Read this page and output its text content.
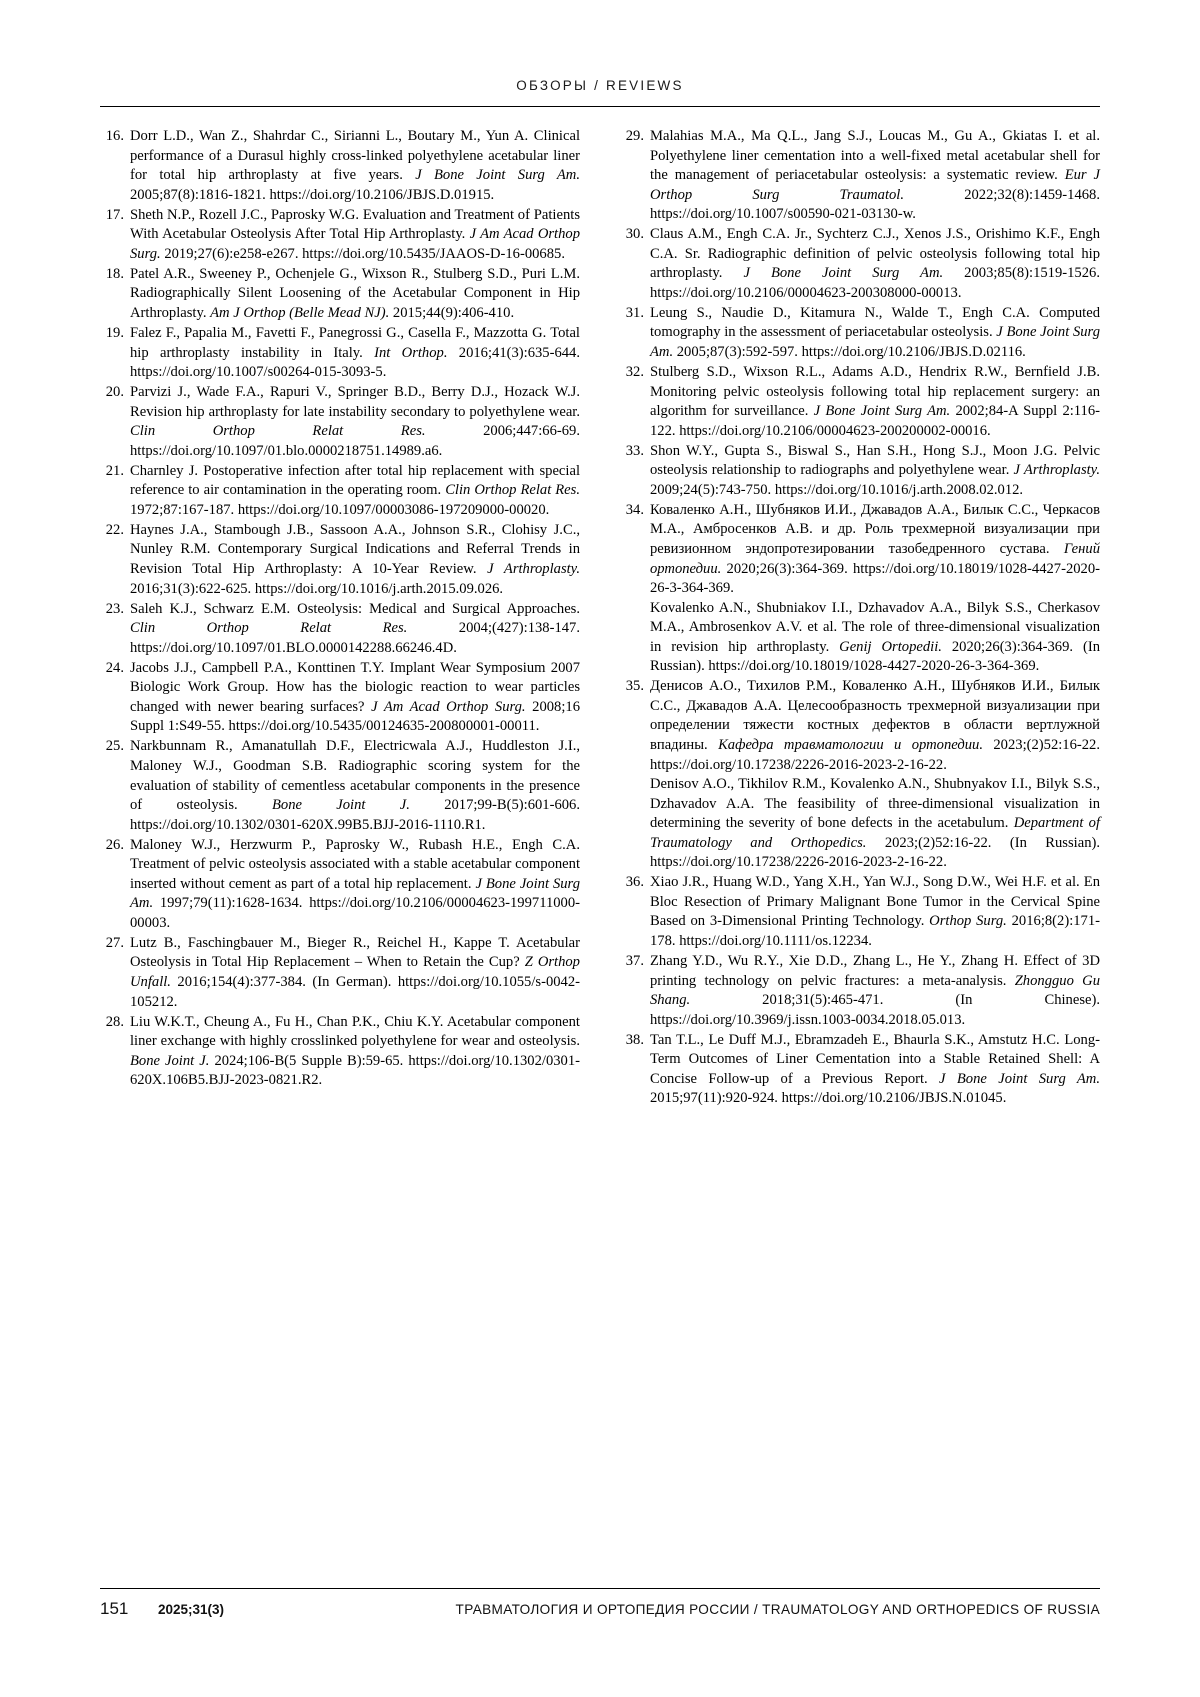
ОБЗОРЫ / REVIEWS
16. Dorr L.D., Wan Z., Shahrdar C., Sirianni L., Boutary M., Yun A. Clinical performance of a Durasul highly cross-linked polyethylene acetabular liner for total hip arthroplasty at five years. J Bone Joint Surg Am. 2005;87(8):1816-1821. https://doi.org/10.2106/JBJS.D.01915.
17. Sheth N.P., Rozell J.C., Paprosky W.G. Evaluation and Treatment of Patients With Acetabular Osteolysis After Total Hip Arthroplasty. J Am Acad Orthop Surg. 2019;27(6):e258-e267. https://doi.org/10.5435/JAAOS-D-16-00685.
18. Patel A.R., Sweeney P., Ochenjele G., Wixson R., Stulberg S.D., Puri L.M. Radiographically Silent Loosening of the Acetabular Component in Hip Arthroplasty. Am J Orthop (Belle Mead NJ). 2015;44(9):406-410.
19. Falez F., Papalia M., Favetti F., Panegrossi G., Casella F., Mazzotta G. Total hip arthroplasty instability in Italy. Int Orthop. 2016;41(3):635-644. https://doi.org/10.1007/s00264-015-3093-5.
20. Parvizi J., Wade F.A., Rapuri V., Springer B.D., Berry D.J., Hozack W.J. Revision hip arthroplasty for late instability secondary to polyethylene wear. Clin Orthop Relat Res. 2006;447:66-69. https://doi.org/10.1097/01.blo.0000218751.14989.a6.
21. Charnley J. Postoperative infection after total hip replacement with special reference to air contamination in the operating room. Clin Orthop Relat Res. 1972;87:167-187. https://doi.org/10.1097/00003086-197209000-00020.
22. Haynes J.A., Stambough J.B., Sassoon A.A., Johnson S.R., Clohisy J.C., Nunley R.M. Contemporary Surgical Indications and Referral Trends in Revision Total Hip Arthroplasty: A 10-Year Review. J Arthroplasty. 2016;31(3):622-625. https://doi.org/10.1016/j.arth.2015.09.026.
23. Saleh K.J., Schwarz E.M. Osteolysis: Medical and Surgical Approaches. Clin Orthop Relat Res. 2004;(427):138-147. https://doi.org/10.1097/01.BLO.0000142288.66246.4D.
24. Jacobs J.J., Campbell P.A., Konttinen T.Y. Implant Wear Symposium 2007 Biologic Work Group. How has the biologic reaction to wear particles changed with newer bearing surfaces? J Am Acad Orthop Surg. 2008;16 Suppl 1:S49-55. https://doi.org/10.5435/00124635-200800001-00011.
25. Narkbunnam R., Amanatullah D.F., Electricwala A.J., Huddleston J.I., Maloney W.J., Goodman S.B. Radiographic scoring system for the evaluation of stability of cementless acetabular components in the presence of osteolysis. Bone Joint J. 2017;99-B(5):601-606. https://doi.org/10.1302/0301-620X.99B5.BJJ-2016-1110.R1.
26. Maloney W.J., Herzwurm P., Paprosky W., Rubash H.E., Engh C.A. Treatment of pelvic osteolysis associated with a stable acetabular component inserted without cement as part of a total hip replacement. J Bone Joint Surg Am. 1997;79(11):1628-1634. https://doi.org/10.2106/00004623-199711000-00003.
27. Lutz B., Faschingbauer M., Bieger R., Reichel H., Kappe T. Acetabular Osteolysis in Total Hip Replacement – When to Retain the Cup? Z Orthop Unfall. 2016;154(4):377-384. (In German). https://doi.org/10.1055/s-0042-105212.
28. Liu W.K.T., Cheung A., Fu H., Chan P.K., Chiu K.Y. Acetabular component liner exchange with highly crosslinked polyethylene for wear and osteolysis. Bone Joint J. 2024;106-B(5 Supple B):59-65. https://doi.org/10.1302/0301-620X.106B5.BJJ-2023-0821.R2.
29. Malahias M.A., Ma Q.L., Jang S.J., Loucas M., Gu A., Gkiatas I. et al. Polyethylene liner cementation into a well-fixed metal acetabular shell for the management of periacetabular osteolysis: a systematic review. Eur J Orthop Surg Traumatol. 2022;32(8):1459-1468. https://doi.org/10.1007/s00590-021-03130-w.
30. Claus A.M., Engh C.A. Jr., Sychterz C.J., Xenos J.S., Orishimo K.F., Engh C.A. Sr. Radiographic definition of pelvic osteolysis following total hip arthroplasty. J Bone Joint Surg Am. 2003;85(8):1519-1526. https://doi.org/10.2106/00004623-200308000-00013.
31. Leung S., Naudie D., Kitamura N., Walde T., Engh C.A. Computed tomography in the assessment of periacetabular osteolysis. J Bone Joint Surg Am. 2005;87(3):592-597. https://doi.org/10.2106/JBJS.D.02116.
32. Stulberg S.D., Wixson R.L., Adams A.D., Hendrix R.W., Bernfield J.B. Monitoring pelvic osteolysis following total hip replacement surgery: an algorithm for surveillance. J Bone Joint Surg Am. 2002;84-A Suppl 2:116-122. https://doi.org/10.2106/00004623-200200002-00016.
33. Shon W.Y., Gupta S., Biswal S., Han S.H., Hong S.J., Moon J.G. Pelvic osteolysis relationship to radiographs and polyethylene wear. J Arthroplasty. 2009;24(5):743-750. https://doi.org/10.1016/j.arth.2008.02.012.
34. Коваленко А.Н., Шубняков И.И., Джавадов А.А., Билык С.С., Черкасов М.А., Амбросенков А.В. и др. Роль трехмерной визуализации при ревизионном эндопротезировании тазобедренного сустава. Гений ортопедии. 2020;26(3):364-369. https://doi.org/10.18019/1028-4427-2020-26-3-364-369.
Kovalenko A.N., Shubniakov I.I., Dzhavadov A.A., Bilyk S.S., Cherkasov M.A., Ambrosenkov A.V. et al. The role of three-dimensional visualization in revision hip arthroplasty. Genij Ortopedii. 2020;26(3):364-369. (In Russian). https://doi.org/10.18019/1028-4427-2020-26-3-364-369.
35. Денисов А.О., Тихилов Р.М., Коваленко А.Н., Шубняков И.И., Билык С.С., Джавадов А.А. Целесообразность трехмерной визуализации при определении тяжести костных дефектов в области вертлужной впадины. Кафедра травматологии и ортопедии. 2023;(2)52:16-22. https://doi.org/10.17238/2226-2016-2023-2-16-22.
Denisov A.O., Tikhilov R.M., Kovalenko A.N., Shubnyakov I.I., Bilyk S.S., Dzhavadov A.A. The feasibility of three-dimensional visualization in determining the severity of bone defects in the acetabulum. Department of Traumatology and Orthopedics. 2023;(2)52:16-22. (In Russian). https://doi.org/10.17238/2226-2016-2023-2-16-22.
36. Xiao J.R., Huang W.D., Yang X.H., Yan W.J., Song D.W., Wei H.F. et al. En Bloc Resection of Primary Malignant Bone Tumor in the Cervical Spine Based on 3-Dimensional Printing Technology. Orthop Surg. 2016;8(2):171-178. https://doi.org/10.1111/os.12234.
37. Zhang Y.D., Wu R.Y., Xie D.D., Zhang L., He Y., Zhang H. Effect of 3D printing technology on pelvic fractures: a meta-analysis. Zhongguo Gu Shang. 2018;31(5):465-471. (In Chinese). https://doi.org/10.3969/j.issn.1003-0034.2018.05.013.
38. Tan T.L., Le Duff M.J., Ebramzadeh E., Bhaurla S.K., Amstutz H.C. Long-Term Outcomes of Liner Cementation into a Stable Retained Shell: A Concise Follow-up of a Previous Report. J Bone Joint Surg Am. 2015;97(11):920-924. https://doi.org/10.2106/JBJS.N.01045.
151	2025;31(3)	ТРАВМАТОЛОГИЯ И ОРТОПЕДИЯ РОССИИ / TRAUMATOLOGY AND ORTHOPEDICS OF RUSSIA
